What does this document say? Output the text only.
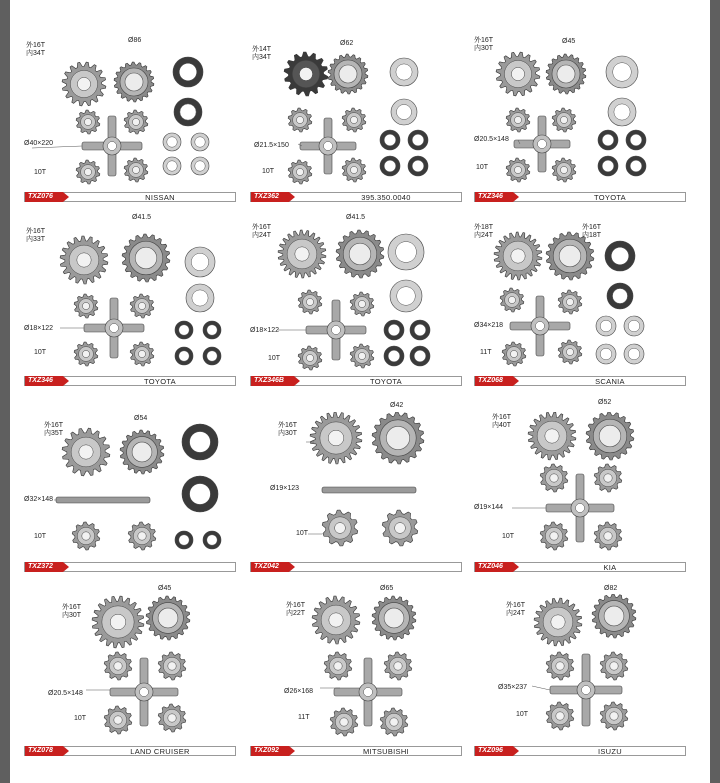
外16T
内34T
Ø86
Ø40×220
10T
TXZ076	NISSAN
外14T
内34T
Ø62
Ø21.5×150
10T
TXZ362	395.350.0040
外16T
内30T
Ø45
Ø20.5×148
10T
TXZ346	TOYOTA
外16T
内33T
Ø41.5
Ø18×122
10T
TXZ346	TOYOTA
外16T
内24T
Ø41.5
Ø18×122
10T
TXZ346B	TOYOTA
外18T
内24T
外16T 内18T
Ø34×218
11T
TXZ068	SCANIA
外16T
内35T
Ø54
Ø32×148
10T
TXZ372
外16T
内30T
Ø42
Ø19×123
10T
TXZ042
外16T
内40T
Ø52
Ø19×144
10T
TXZ046	KIA
外16T
内30T
Ø45
Ø20.5×148
10T
TXZ078	LAND CRUISER
外16T
内22T
Ø65
Ø26×168
11T
TXZ092	MITSUBISHI
外16T
内24T
Ø82
Ø35×237
10T
TXZ096	ISUZU
